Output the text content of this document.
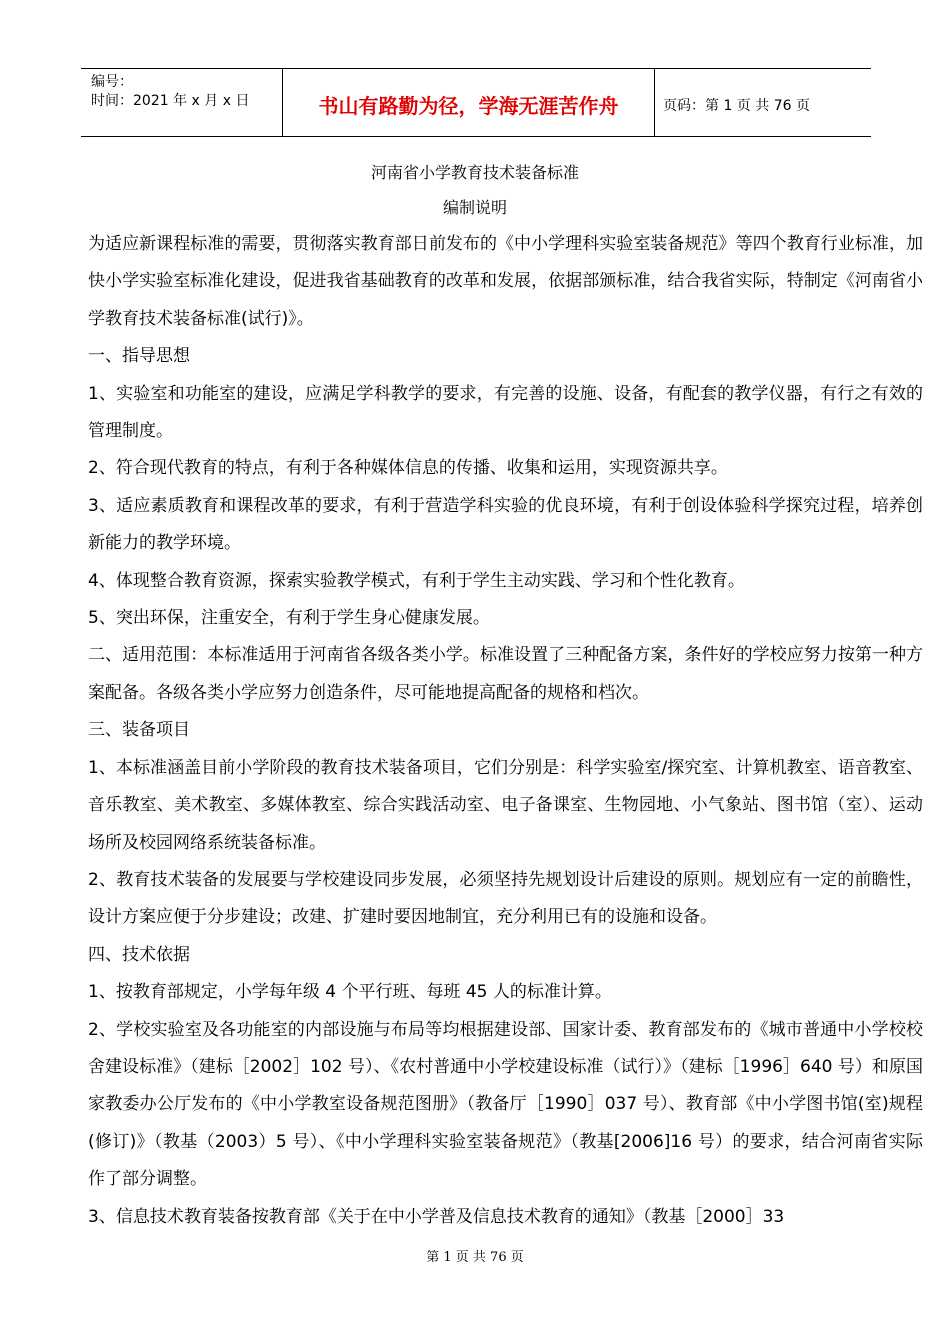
编号：
时间：2021 年 x 月 x 日	书山有路勤为径，学海无涯苦作舟	页码：第 1 页 共 76 页
河南省小学教育技术装备标准
编制说明

为适应新课程标准的需要，贯彻落实教育部日前发布的《中小学理科实验室装备规范》等四个教育行业标准，加快小学实验室标准化建设，促进我省基础教育的改革和发展，依据部颁标准，结合我省实际，特制定《河南省小学教育技术装备标准(试行)》。

一、指导思想

1、实验室和功能室的建设，应满足学科教学的要求，有完善的设施、设备，有配套的教学仪器，有行之有效的管理制度。

2、符合现代教育的特点，有利于各种媒体信息的传播、收集和运用，实现资源共享。

3、适应素质教育和课程改革的要求，有利于营造学科实验的优良环境，有利于创设体验科学探究过程，培养创新能力的教学环境。

4、体现整合教育资源，探索实验教学模式，有利于学生主动实践、学习和个性化教育。

5、突出环保，注重安全，有利于学生身心健康发展。

二、适用范围：本标准适用于河南省各级各类小学。标准设置了三种配备方案，条件好的学校应努力按第一种方案配备。各级各类小学应努力创造条件，尽可能地提高配备的规格和档次。

三、装备项目

1、本标准涵盖目前小学阶段的教育技术装备项目，它们分别是：科学实验室/探究室、计算机教室、语音教室、音乐教室、美术教室、多媒体教室、综合实践活动室、电子备课室、生物园地、小气象站、图书馆（室）、运动场所及校园网络系统装备标准。

2、教育技术装备的发展要与学校建设同步发展，必须坚持先规划设计后建设的原则。规划应有一定的前瞻性，设计方案应便于分步建设；改建、扩建时要因地制宜，充分利用已有的设施和设备。

四、技术依据

1、按教育部规定，小学每年级 4 个平行班、每班 45 人的标准计算。

2、学校实验室及各功能室的内部设施与布局等均根据建设部、国家计委、教育部发布的《城市普通中小学校校舍建设标准》（建标［2002］102 号）、《农村普通中小学校建设标准（试行）》（建标［1996］640 号）和原国家教委办公厅发布的《中小学教室设备规范图册》（教备厅［1990］037 号）、教育部《中小学图书馆(室)规程(修订)》（教基（2003）5 号）、《中小学理科实验室装备规范》（教基[2006]16 号）的要求，结合河南省实际作了部分调整。

3、信息技术教育装备按教育部《关于在中小学普及信息技术教育的通知》（教基［2000］33

第 1 页 共 76 页
